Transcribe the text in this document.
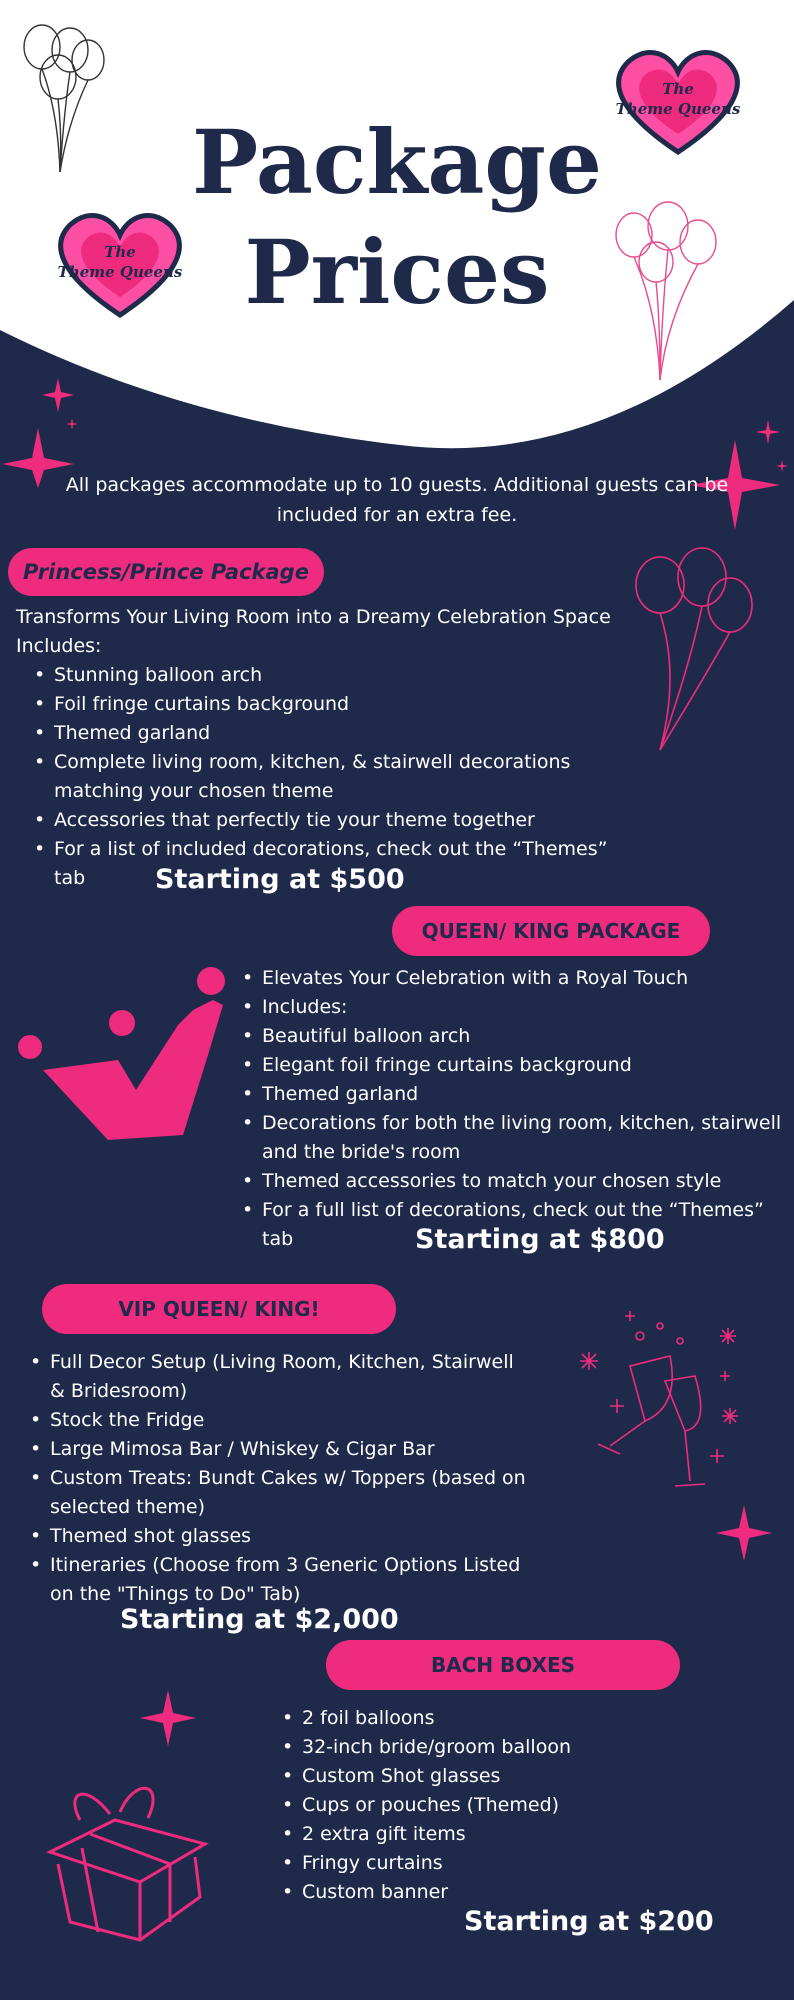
The
Theme Queens
The
Theme Queens
Package
Prices
All packages accommodate up to 10 guests. Additional guests can be included for an extra fee.
Princess/Prince Package
Transforms Your Living Room into a Dreamy Celebration Space
Includes:
• Stunning balloon arch
• Foil fringe curtains background
• Themed garland
• Complete living room, kitchen, & stairwell decorations matching your chosen theme
• Accessories that perfectly tie your theme together
• For a list of included decorations, check out the “Themes” tab	Starting at $500
QUEEN/ KING PACKAGE
• Elevates Your Celebration with a Royal Touch
• Includes:
• Beautiful balloon arch
• Elegant foil fringe curtains background
• Themed garland
• Decorations for both the living room, kitchen, stairwell and the bride's room
• Themed accessories to match your chosen style
• For a full list of decorations, check out the “Themes” tab	Starting at $800
VIP QUEEN/ KING!
• Full Decor Setup (Living Room, Kitchen, Stairwell & Bridesroom)
• Stock the Fridge
• Large Mimosa Bar / Whiskey & Cigar Bar
• Custom Treats: Bundt Cakes w/ Toppers (based on selected theme)
• Themed shot glasses
• Itineraries (Choose from 3 Generic Options Listed on the "Things to Do" Tab)
Starting at $2,000
BACH BOXES
• 2 foil balloons
• 32-inch bride/groom balloon
• Custom Shot glasses
• Cups or pouches (Themed)
• 2 extra gift items
• Fringy curtains
• Custom banner
Starting at $200
